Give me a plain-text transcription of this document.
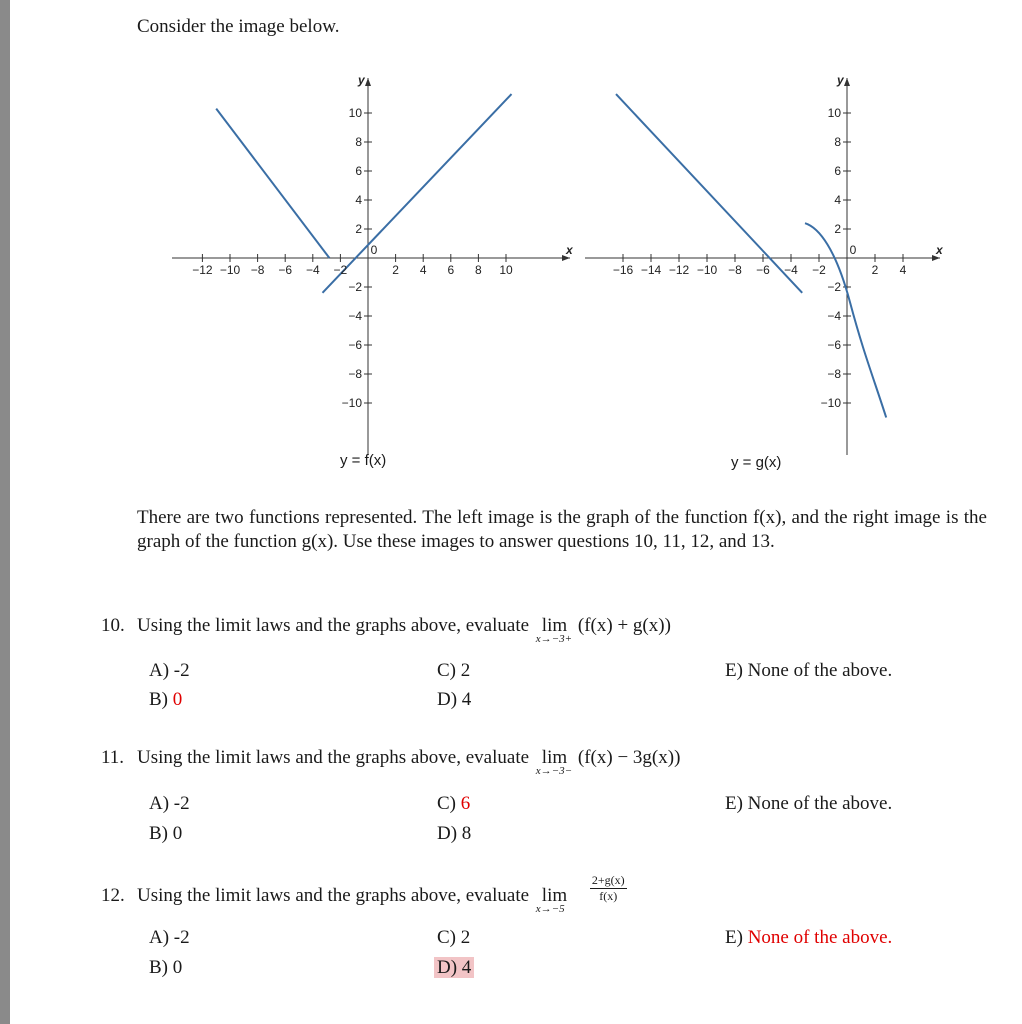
Consider the image below.
−12 −10 −8 −6 −4 −2
0
2 4 6 8 10
10
8
6
4
2
−2
−4
−6
−8
−10
x
y
y = f(x)
−16 −14 −12 −10 −8 −6 −4 −2
0
2 4
10
8
6
4
2
−2
−4
−6
−8
−10
x
y
y = g(x)
There are two functions represented. The left image is the graph of the function f(x), and the right image is the graph of the function g(x). Use these images to answer questions 10, 11, 12, and 13.
10. Using the limit laws and the graphs above, evaluate lim
x→−3+
(f(x) + g(x))
A) -2
B) 0
C) 2
D) 4
E) None of the above.
11. Using the limit laws and the graphs above, evaluate lim
x→−3−
(f(x) − 3g(x))
A) -2
B) 0
C) 6
D) 8
E) None of the above.
12. Using the limit laws and the graphs above, evaluate lim
x→−5

$\frac{2+g(x)}{f(x)}$
A) -2
B) 0
C) 2
D) 4
E) None of the above.
